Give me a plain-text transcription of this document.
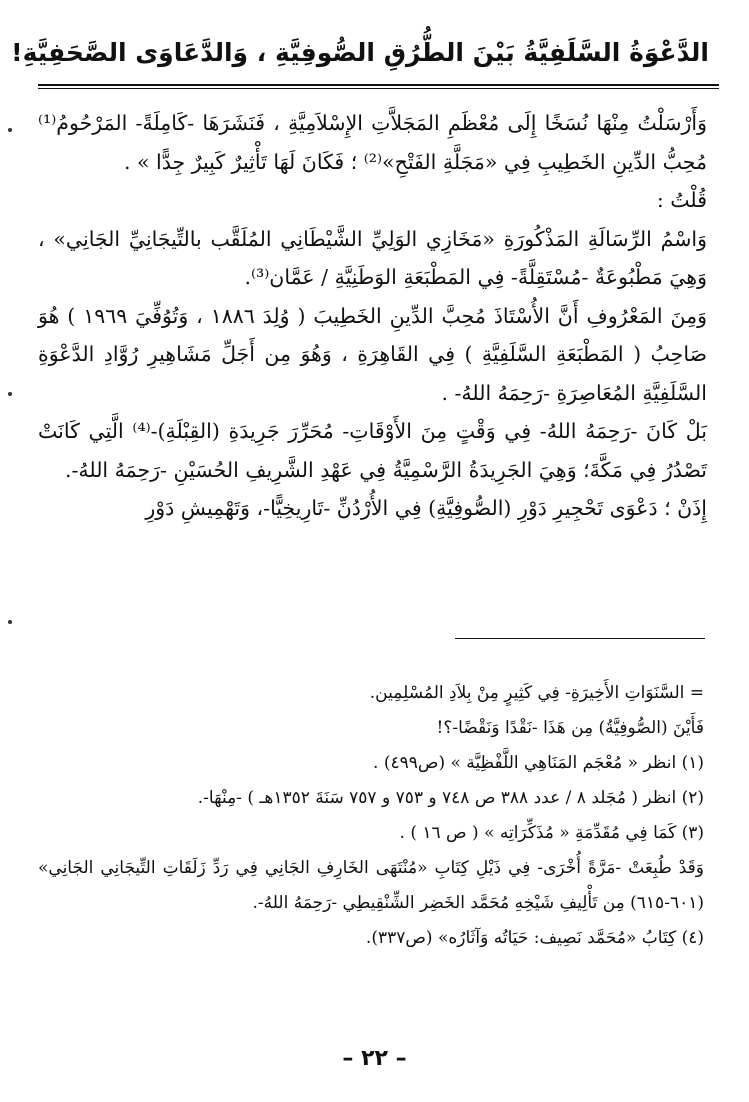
الدَّعْوَةُ السَّلَفِيَّةُ بَيْنَ الطُّرُقِ الصُّوفِيَّةِ ، وَالدَّعَاوَى الصَّحَفِيَّةِ!

وَأَرْسَلْتُ مِنْهَا نُسَخًا إِلَى مُعْظَمِ المَجَلاَّتِ الإِسْلاَمِيَّةِ ، فَنَشَرَهَا -كَامِلَةً- المَرْحُومُ⁽¹⁾ مُحِبُّ الدِّينِ الخَطِيبِ فِي «مَجَلَّةِ الفَتْحِ»⁽²⁾ ؛ فَكَانَ لَهَا تَأْثِيرٌ كَبِيرٌ جِدًّا » .

قُلْتُ :

وَاسْمُ الرِّسَالَةِ المَذْكُورَةِ «مَخَازِي الوَلِيِّ الشَّيْطَانِي المُلَقَّب بالتِّيجَانِيِّ الجَانِي» ، وَهِيَ مَطْبُوعَةٌ -مُسْتَقِلَّةً- فِي المَطْبَعَةِ الوَطَنِيَّةِ / عَمَّان⁽³⁾.

وَمِنَ المَعْرُوفِ أَنَّ الأُسْتَاذَ مُحِبَّ الدِّينِ الخَطِيبَ ( وُلِدَ ١٨٨٦ ، وَتُوُفِّيَ ١٩٦٩ ) هُوَ صَاحِبُ ( المَطْبَعَةِ السَّلَفِيَّةِ ) فِي القَاهِرَةِ ، وَهُوَ مِن أَجَلِّ مَشَاهِيرِ رُوَّادِ الدَّعْوَةِ السَّلَفِيَّةِ المُعَاصِرَةِ -رَحِمَهُ اللهُ- .

بَلْ كَانَ -رَحِمَهُ اللهُ- فِي وَقْتٍ مِنَ الأَوْقَاتِ- مُحَرِّرَ جَرِيدَةِ (القِبْلَةِ)-⁽⁴⁾ الَّتِي كَانَتْ تَصْدُرُ فِي مَكَّةَ؛ وَهِيَ الجَرِيدَةُ الرَّسْمِيَّةُ فِي عَهْدِ الشَّرِيفِ الحُسَيْنِ -رَحِمَهُ اللهُ-.

إِذَنْ ؛ دَعْوَى تَحْجِيرِ دَوْرِ (الصُّوفِيَّةِ) فِي الأُرْدُنِّ -تَارِيخِيًّا-، وَتَهْمِيشِ دَوْرِ

= السَّنَوَاتِ الأَخِيرَةِ- فِي كَثِيرٍ مِنْ بِلاَدِ المُسْلِمِين.

فَأَيْنَ (الصُّوفِيَّةُ) مِن هَذَا -نَقْدًا وَنَقْضًا-؟!

(١) انظر « مُعْجَم المَنَاهِي اللَّفْظِيَّة » (ص٤٩٩) .

(٢) انظر ( مُجَلد ٨ / عدد ٣٨٨ ص ٧٤٨ و ٧٥٣ و ٧٥٧ سَنَةَ ١٣٥٢هـ ) -مِنْهَا-.

(٣) كَمَا فِي مُقَدِّمَةِ « مُذَكِّرَاتِه » ( ص ١٦ ) .

وَقَدْ طُبِعَتْ -مَرَّةً أُخْرَى- فِي ذَيْلِ كِتَابِ «مُنْتَهَى الخَارِفِ الجَانِي فِي رَدِّ زَلَقَاتِ التِّيجَانِي الجَانِي» (٦٠١-٦١٥) مِن تَأْلِيفِ شَيْخِهِ مُحَمَّد الخَضِر الشِّنْقِيطِي -رَحِمَهُ اللهُ-.

(٤) كِتَابُ «مُحَمَّد نَصِيف: حَيَاتُه وَآثَارُه» (ص٣٣٧).

– ٢٢ –
